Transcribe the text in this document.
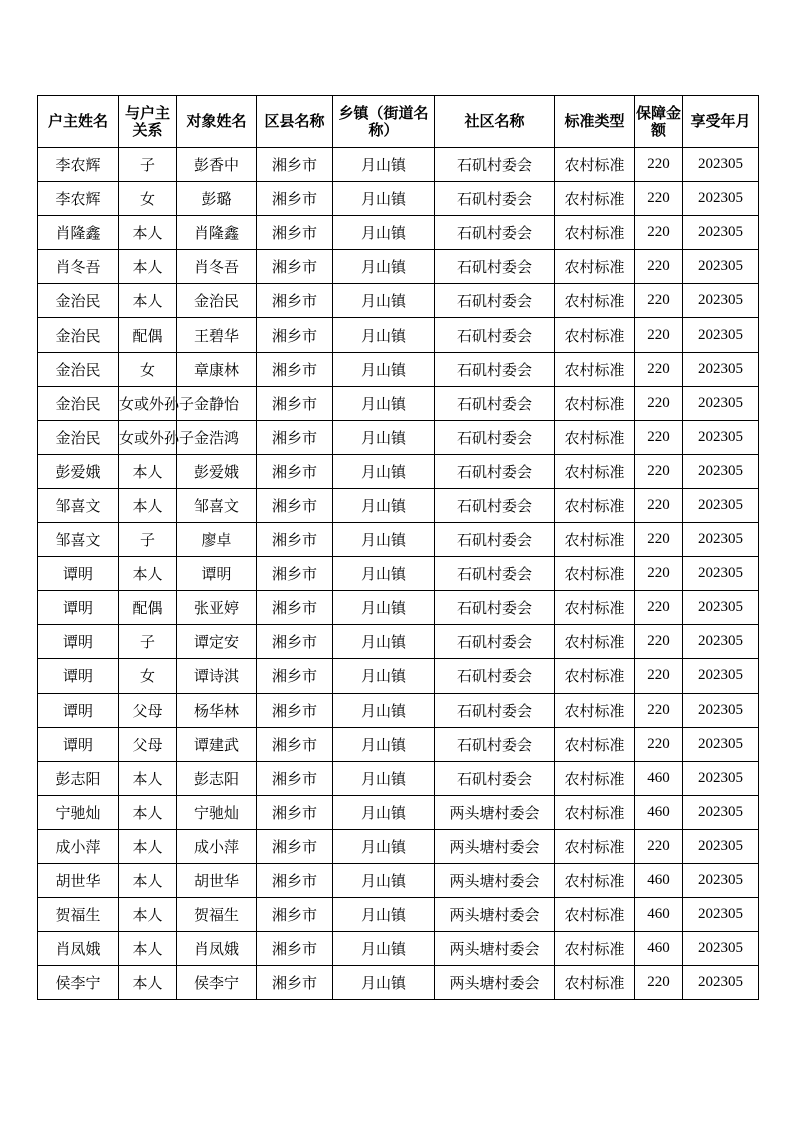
户主姓名	与户主关系	对象姓名	区县名称	乡镇（街道名称）	社区名称	标准类型	保障金额	享受年月
李农辉	子	彭香中	湘乡市	月山镇	石矶村委会	农村标准	220	202305
李农辉	女	彭璐	湘乡市	月山镇	石矶村委会	农村标准	220	202305
肖隆鑫	本人	肖隆鑫	湘乡市	月山镇	石矶村委会	农村标准	220	202305
肖冬吾	本人	肖冬吾	湘乡市	月山镇	石矶村委会	农村标准	220	202305
金治民	本人	金治民	湘乡市	月山镇	石矶村委会	农村标准	220	202305
金治民	配偶	王碧华	湘乡市	月山镇	石矶村委会	农村标准	220	202305
金治民	女	章康林	湘乡市	月山镇	石矶村委会	农村标准	220	202305
金治民	女或外孙子	金静怡	湘乡市	月山镇	石矶村委会	农村标准	220	202305
金治民	女或外孙子	金浩鸿	湘乡市	月山镇	石矶村委会	农村标准	220	202305
彭爱娥	本人	彭爱娥	湘乡市	月山镇	石矶村委会	农村标准	220	202305
邹喜文	本人	邹喜文	湘乡市	月山镇	石矶村委会	农村标准	220	202305
邹喜文	子	廖卓	湘乡市	月山镇	石矶村委会	农村标准	220	202305
谭明	本人	谭明	湘乡市	月山镇	石矶村委会	农村标准	220	202305
谭明	配偶	张亚婷	湘乡市	月山镇	石矶村委会	农村标准	220	202305
谭明	子	谭定安	湘乡市	月山镇	石矶村委会	农村标准	220	202305
谭明	女	谭诗淇	湘乡市	月山镇	石矶村委会	农村标准	220	202305
谭明	父母	杨华林	湘乡市	月山镇	石矶村委会	农村标准	220	202305
谭明	父母	谭建武	湘乡市	月山镇	石矶村委会	农村标准	220	202305
彭志阳	本人	彭志阳	湘乡市	月山镇	石矶村委会	农村标准	460	202305
宁驰灿	本人	宁驰灿	湘乡市	月山镇	两头塘村委会	农村标准	460	202305
成小萍	本人	成小萍	湘乡市	月山镇	两头塘村委会	农村标准	220	202305
胡世华	本人	胡世华	湘乡市	月山镇	两头塘村委会	农村标准	460	202305
贺福生	本人	贺福生	湘乡市	月山镇	两头塘村委会	农村标准	460	202305
肖凤娥	本人	肖凤娥	湘乡市	月山镇	两头塘村委会	农村标准	460	202305
侯李宁	本人	侯李宁	湘乡市	月山镇	两头塘村委会	农村标准	220	202305
